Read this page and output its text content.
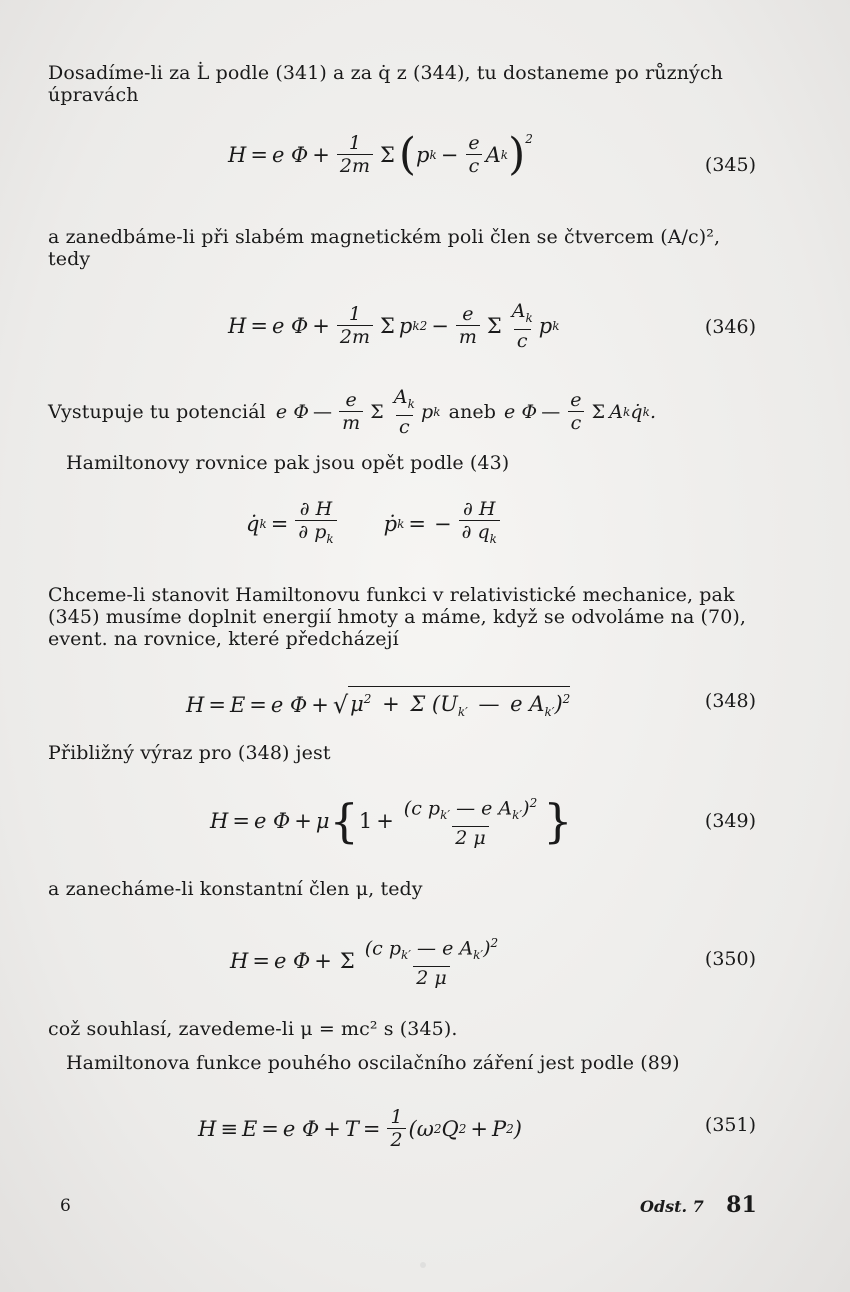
Dosadíme-li za L̇ podle (341) a za q̇ z (344), tu dostaneme po různých úpravách
H = e $\Phi + \frac{1}{2m}$ Σ ( p $k - \frac{e}{c}$ A k )$^2$
(345)
a zanedbáme-li při slabém magnetickém poli člen se čtvercem (A/c)², tedy
H = e $\Phi + \frac{1}{2m}$ Σ p k $2 - \frac{e}{m}$ Σ $\frac{A_k}{c}$ p k	(346)
Vystupuje tu potenciál e Φ — $\frac{e}{m}$ Σ $\frac{A_k}{c}$ p k aneb e Φ — $\frac{e}{c}$ Σ A k q̇ k .
Hamiltonovy rovnice pak jsou opět podle (43)
q̇ $k = \frac{\partial H}{\partial p_k}$ ṗ k = − $\frac{\partial H}{\partial q_k}$
Chceme-li stanovit Hamiltonovu funkci v relativistické mechanice, pak (345) musíme doplnit energií hmoty a máme, když se odvoláme na (70), event. na rovnice, které předcházejí
H = E = e Φ + √ $\mu^2 + \Sigma$ ($U_{k'}$ — e $A_{k'})^2$	(348)
Přibližný výraz pro (348) jest
H = e Φ + μ { $1 + \frac{(c p_{k'} — e A_{k'})^2}{2 \mu}$ }	(349)
a zanecháme-li konstantní člen μ, tedy
H = e Φ + Σ $\frac{(c p_{k'} — e A_{k'})^2}{2 \mu}$	(350)
což souhlasí, zavedeme-li μ = mc² s (345).
Hamiltonova funkce pouhého oscilačního záření jest podle (89)
H ≡ E = e $\Phi + T = \frac{1}{2} (\omega$ 2 Q 2 + P 2 )	(351)
6	Odst. 7 81
